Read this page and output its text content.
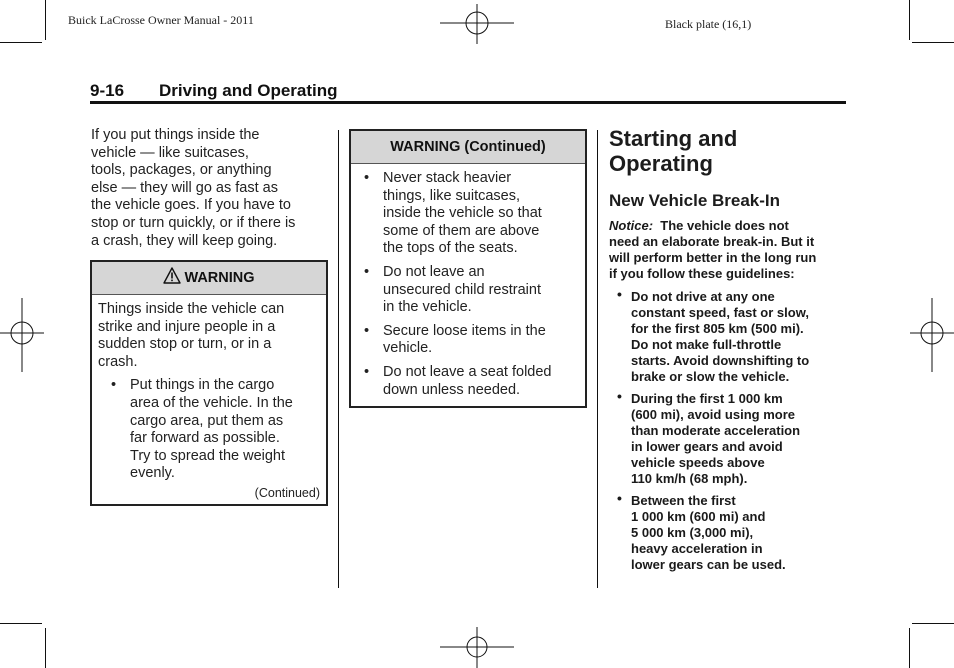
Buick LaCrosse Owner Manual - 2011	Black plate (16,1)
9-16 Driving and Operating
If you put things inside the
vehicle — like suitcases,
tools, packages, or anything
else — they will go as fast as
the vehicle goes. If you have to
stop or turn quickly, or if there is
a crash, they will keep going.
WARNING
Things inside the vehicle can
strike and injure people in a
sudden stop or turn, or in a
crash.
• Put things in the cargo
area of the vehicle. In the
cargo area, put them as
far forward as possible.
Try to spread the weight
evenly.
(Continued)
WARNING (Continued)
• Never stack heavier
things, like suitcases,
inside the vehicle so that
some of them are above
the tops of the seats.
• Do not leave an
unsecured child restraint
in the vehicle.
• Secure loose items in the
vehicle.
• Do not leave a seat folded
down unless needed.
Starting and
Operating
New Vehicle Break-In
Notice: The vehicle does not
need an elaborate break-in. But it
will perform better in the long run
if you follow these guidelines:
• Do not drive at any one
constant speed, fast or slow,
for the first 805 km (500 mi).
Do not make full-throttle
starts. Avoid downshifting to
brake or slow the vehicle.
• During the first 1 000 km
(600 mi), avoid using more
than moderate acceleration
in lower gears and avoid
vehicle speeds above
110 km/h (68 mph).
• Between the first
1 000 km (600 mi) and
5 000 km (3,000 mi),
heavy acceleration in
lower gears can be used.
